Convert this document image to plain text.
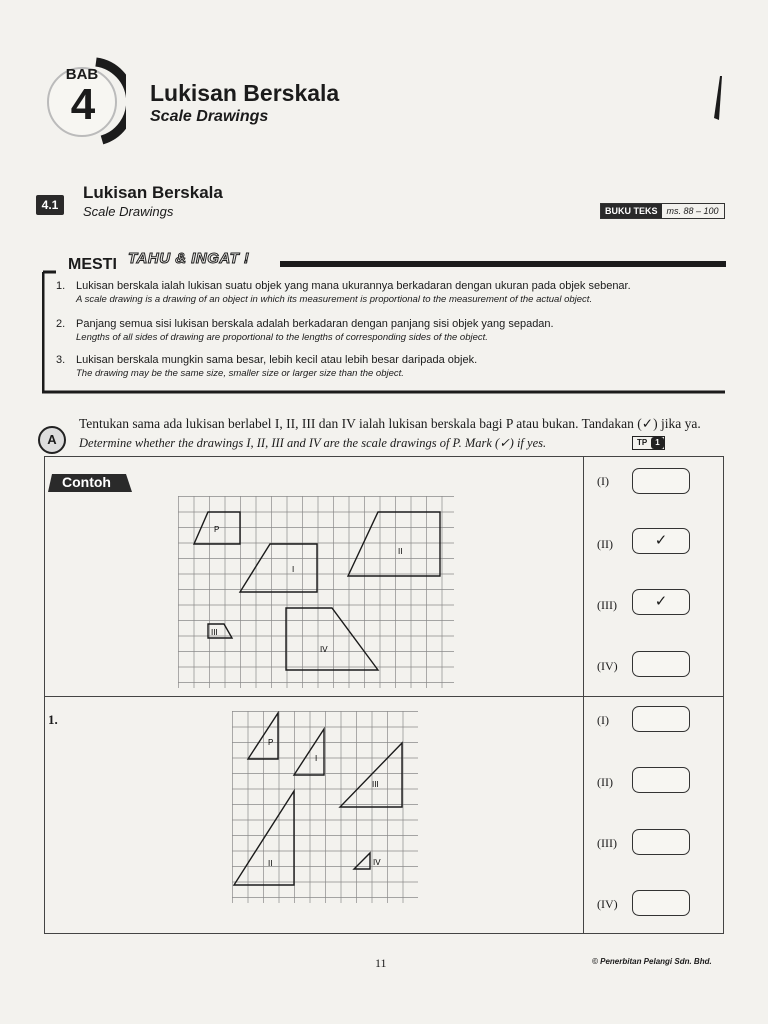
BAB
4	Lukisan Berskala
Scale Drawings
4.1
Lukisan Berskala
Scale Drawings	BUKU TEKS	ms. 88 – 100
MESTI TAHU & INGAT !
1. Lukisan berskala ialah lukisan suatu objek yang mana ukurannya berkadaran dengan ukuran pada objek sebenar.
A scale drawing is a drawing of an object in which its measurement is proportional to the measurement of the actual object.
2. Panjang semua sisi lukisan berskala adalah berkadaran dengan panjang sisi objek yang sepadan.
Lengths of all sides of drawing are proportional to the lengths of corresponding sides of the object.
3. Lukisan berskala mungkin sama besar, lebih kecil atau lebih besar daripada objek.
The drawing may be the same size, smaller size or larger size than the object.
A
Tentukan sama ada lukisan berlabel I, II, III dan IV ialah lukisan berskala bagi P atau bukan. Tandakan (✓) jika ya.
Determine whether the drawings I, II, III and IV are the scale drawings of P. Mark (✓) if yes.	TP	1
Contoh
P
I
II
III
IV
(I)
(II)	✓
(III)	✓
(IV)
1.
P
I
II
III
IV
(I)
(II)
(III)
(IV)
11	© Penerbitan Pelangi Sdn. Bhd.
